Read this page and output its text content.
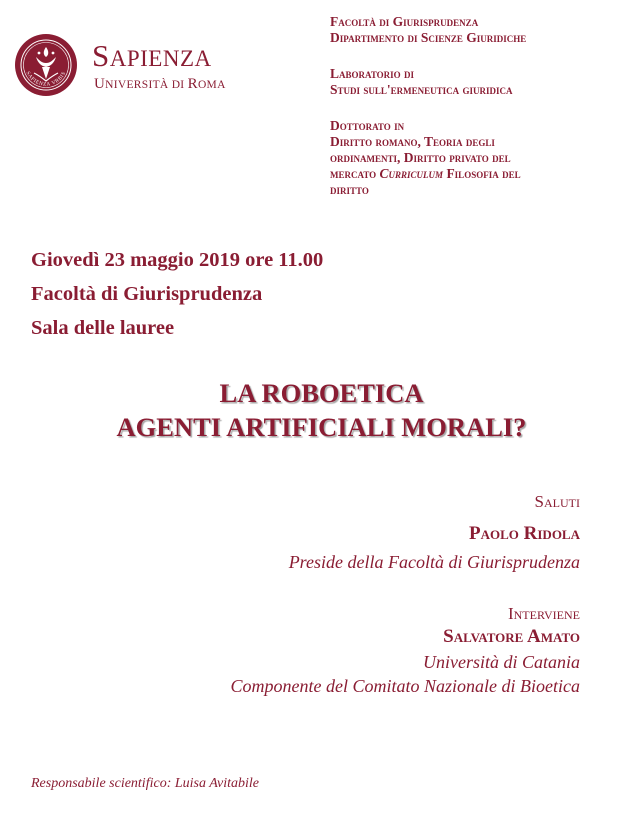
SAPIENZA VRBIS
SAPIENZA
UNIVERSITÀ DI ROMA

Facoltà di Giurisprudenza

Dipartimento di Scienze Giuridiche

Laboratorio di

Studi sull'ermeneutica giuridica

Dottorato in

Diritto romano, Teoria degli

ordinamenti, Diritto privato del

mercato Curriculum Filosofia del

diritto

Giovedì 23 maggio 2019 ore 11.00
Facoltà di Giurisprudenza
Sala delle lauree
LA ROBOETICA
AGENTI ARTIFICIALI MORALI?
Saluti
Paolo Ridola
Preside della Facoltà di Giurisprudenza
Interviene
Salvatore Amato
Università di Catania
Componente del Comitato Nazionale di Bioetica
Responsabile scientifico: Luisa Avitabile
